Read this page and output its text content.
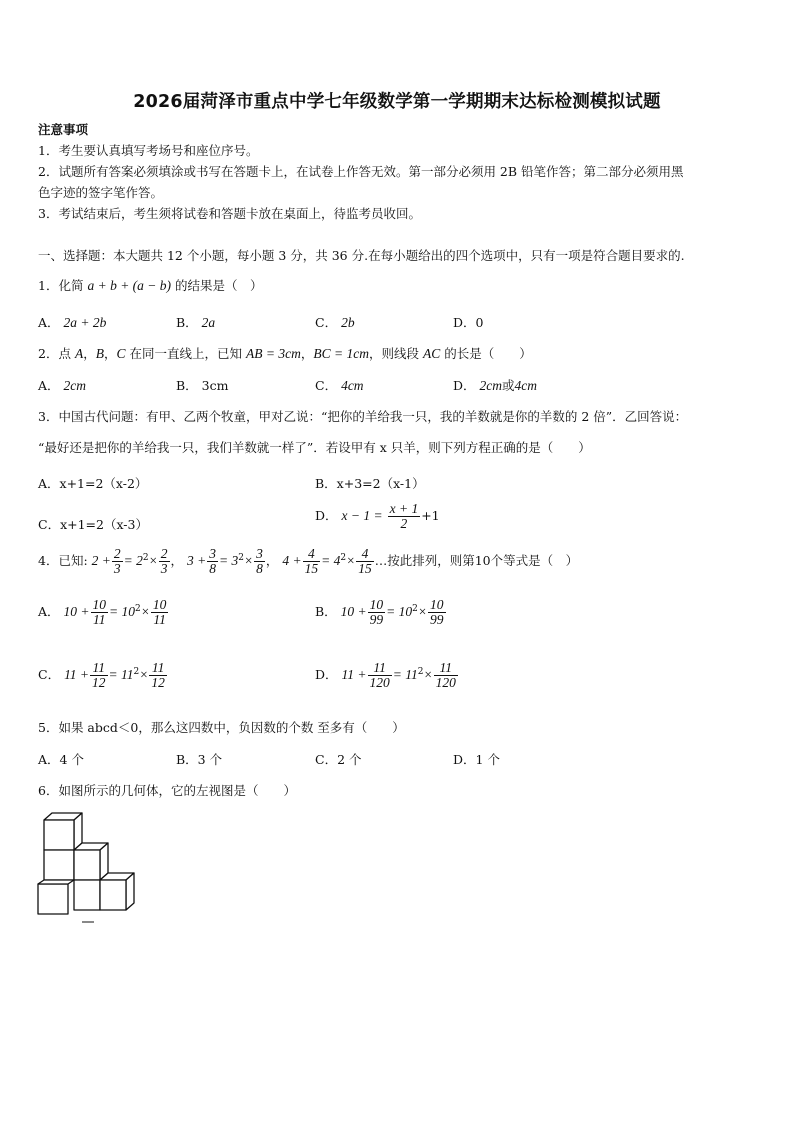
2026届菏泽市重点中学七年级数学第一学期期末达标检测模拟试题
注意事项
1．考生要认真填写考场号和座位序号。
2．试题所有答案必须填涂或书写在答题卡上，在试卷上作答无效。第一部分必须用 2B 铅笔作答；第二部分必须用黑
色字迹的签字笔作答。
3．考试结束后，考生须将试卷和答题卡放在桌面上，待监考员收回。
一、选择题：本大题共 12 个小题，每小题 3 分，共 36 分.在每小题给出的四个选项中，只有一项是符合题目要求的.
1．化简 a + b + (a − b) 的结果是（　）
A． 2a + 2b	B． 2a	C． 2b	D．0
2．点 A，B，C 在同一直线上，已知 AB = 3cm，BC = 1cm，则线段 AC 的长是（　　）
A． 2cm	B． 3cm	C． 4cm	D． 2cm或4cm
3．中国古代问题：有甲、乙两个牧童，甲对乙说：“把你的羊给我一只，我的羊数就是你的羊数的 2 倍”．乙回答说：
“最好还是把你的羊给我一只，我们羊数就一样了”．若设甲有 x 只羊，则下列方程正确的是（　　）
A．x+1=2（x-2）	B．x+3=2（x-1）
C．x+1=2（x-3）
D． $x - 1 = \frac{x + 1}{2} +1$
4．已知: $2 + \frac{2}{3} = 2^2\times \frac{2}{3}$ ， $3 + \frac{3}{8} = 3^2\times \frac{3}{8}$ ， $4 + \frac{4}{15} = 4^2\times \frac{4}{15}$ …按此排列，则第10个等式是（　）
A． $10 + \frac{10}{11} = 10^2\times \frac{10}{11}$	B． $10 + \frac{10}{99} = 10^2\times \frac{10}{99}$
C． $11 + \frac{11}{12} = 11^2\times \frac{11}{12}$	D． $11 + \frac{11}{120} = 11^2\times \frac{11}{120}$
5．如果 abcd＜0，那么这四数中，负因数的个数 至多有（　　）
A．4 个	B．3 个	C．2 个	D．1 个
6．如图所示的几何体，它的左视图是（　　）
